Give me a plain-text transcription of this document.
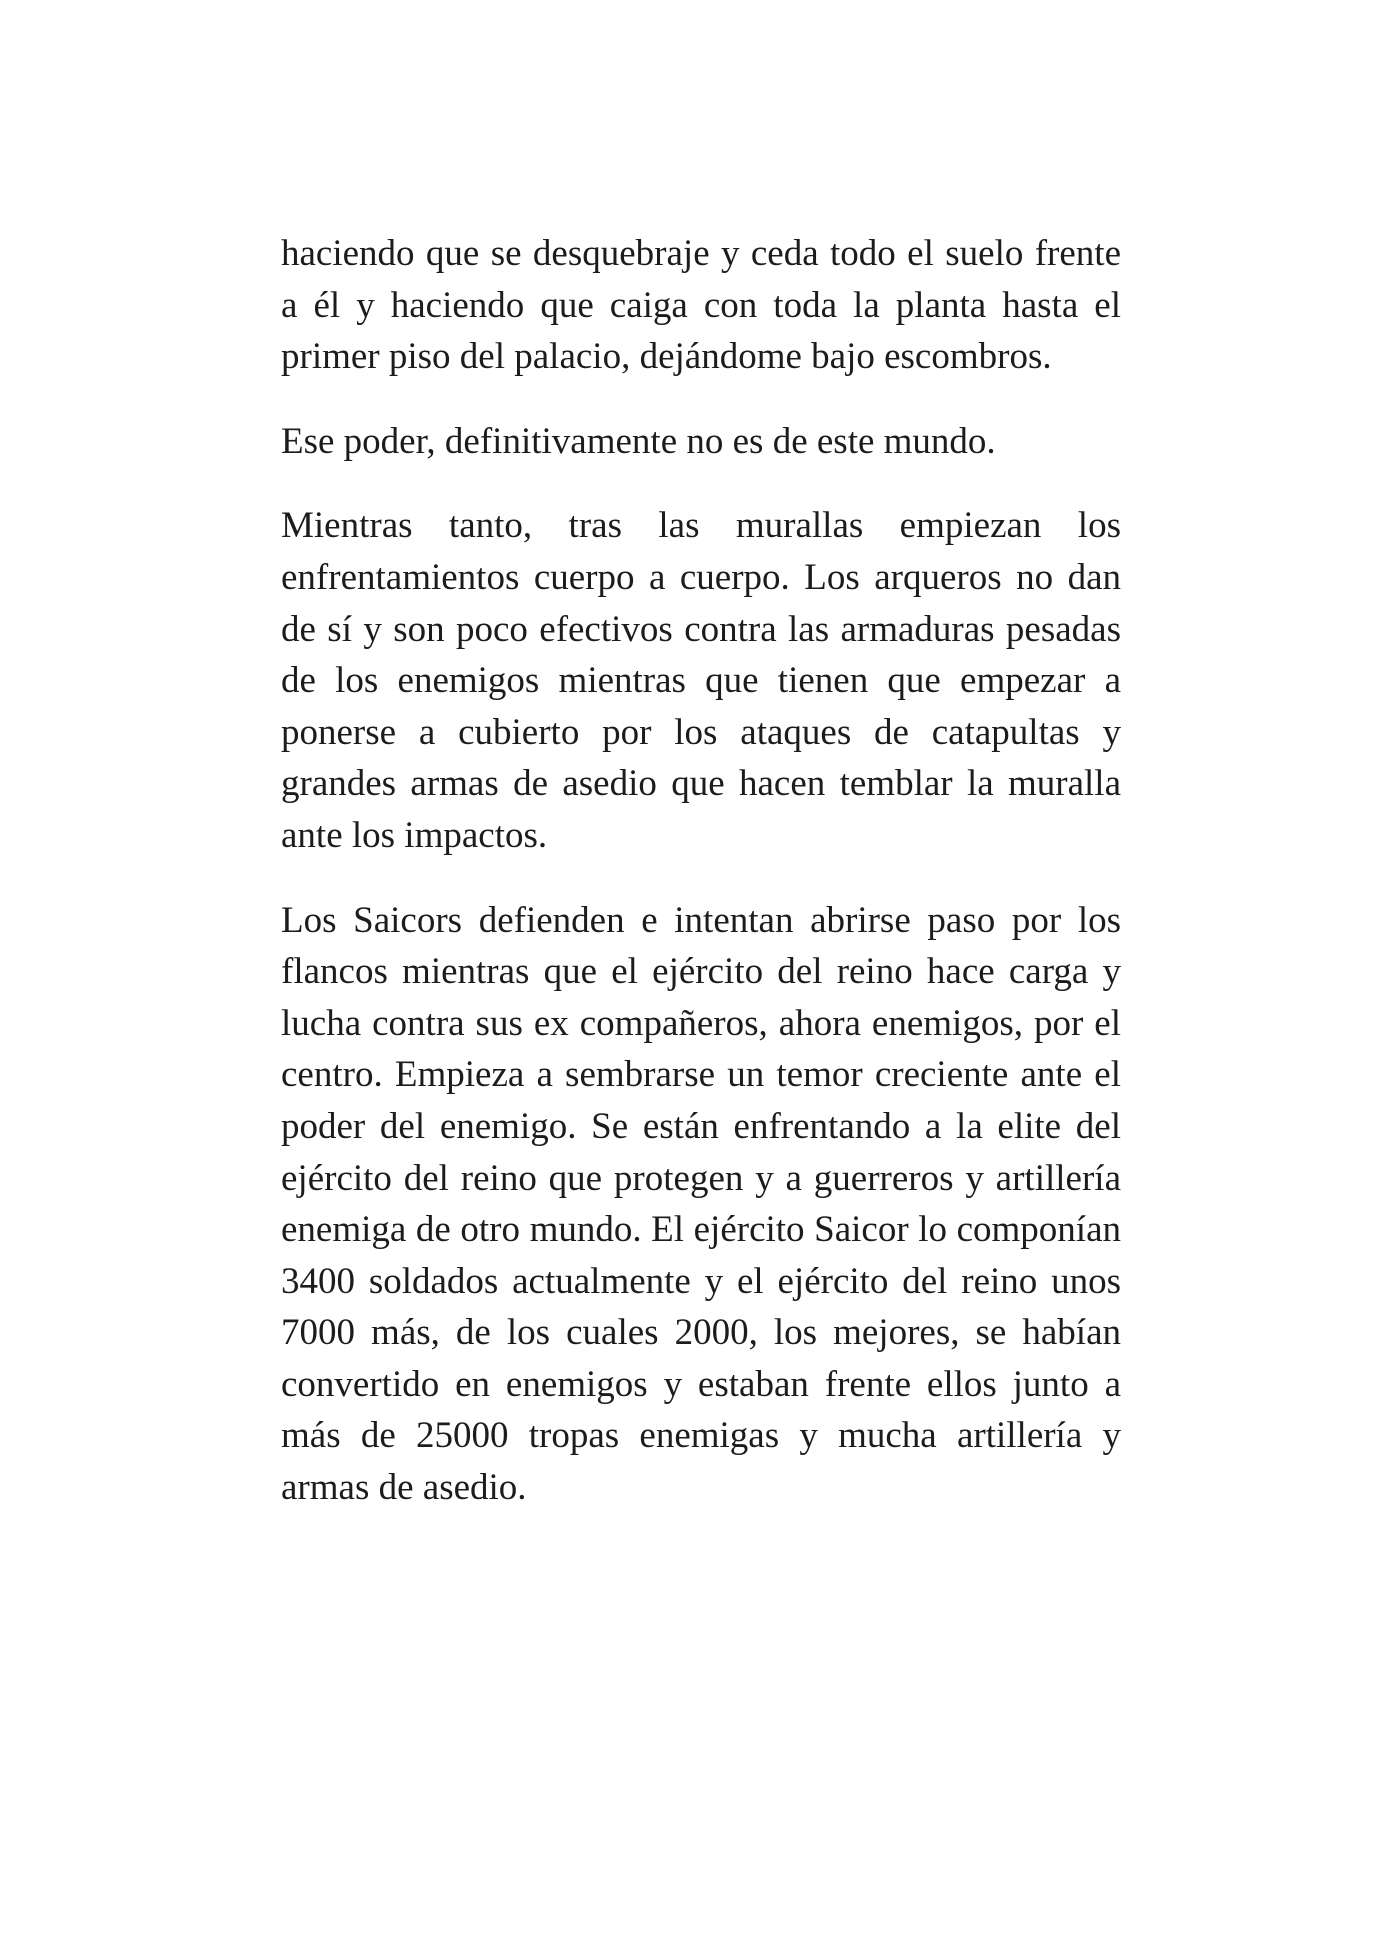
haciendo que se desquebraje y ceda todo el suelo frente a él y haciendo que caiga con toda la planta hasta el primer piso del palacio, dejándome bajo escombros.

Ese poder, definitivamente no es de este mundo.

Mientras tanto, tras las murallas empiezan los enfrentamientos cuerpo a cuerpo. Los arqueros no dan de sí y son poco efectivos contra las armaduras pesadas de los enemigos mientras que tienen que empezar a ponerse a cubierto por los ataques de catapultas y grandes armas de asedio que hacen temblar la muralla ante los impactos.

Los Saicors defienden e intentan abrirse paso por los flancos mientras que el ejército del reino hace carga y lucha contra sus ex compañeros, ahora enemigos, por el centro. Empieza a sembrarse un temor creciente ante el poder del enemigo. Se están enfrentando a la elite del ejército del reino que protegen y a guerreros y artillería enemiga de otro mundo. El ejército Saicor lo componían 3400 soldados actualmente y el ejército del reino unos 7000 más, de los cuales 2000, los mejores, se habían convertido en enemigos y estaban frente ellos junto a más de 25000 tropas enemigas y mucha artillería y armas de asedio.
